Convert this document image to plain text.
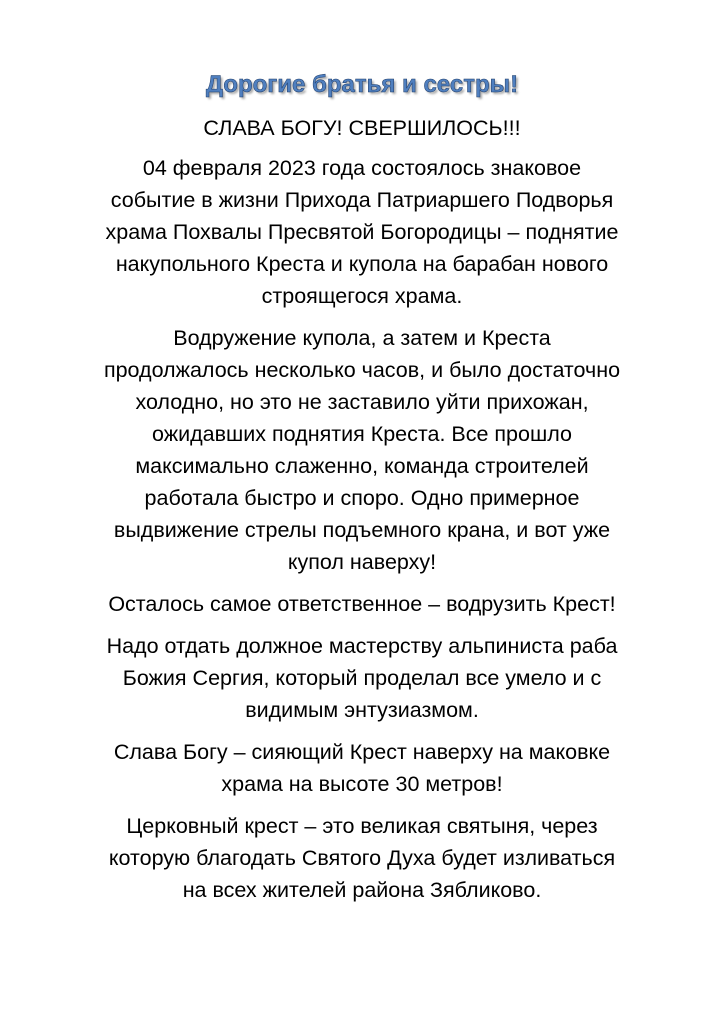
Дорогие братья и сестры!

СЛАВА БОГУ! СВЕРШИЛОСЬ!!!

04 февраля 2023 года состоялось знаковое
событие в жизни Прихода Патриаршего Подворья
храма Похвалы Пресвятой Богородицы – поднятие
накупольного Креста и купола на барабан нового
строящегося храма.

Водружение купола, а затем и Креста
продолжалось несколько часов, и было достаточно
холодно, но это не заставило уйти прихожан,
ожидавших поднятия Креста. Все прошло
максимально слаженно, команда строителей
работала быстро и споро. Одно примерное
выдвижение стрелы подъемного крана, и вот уже
купол наверху!

Осталось самое ответственное – водрузить Крест!

Надо отдать должное мастерству альпиниста раба
Божия Сергия, который проделал все умело и с
видимым энтузиазмом.

Слава Богу – сияющий Крест наверху на маковке
храма на высоте 30 метров!

Церковный крест – это великая святыня, через
которую благодать Святого Духа будет изливаться
на всех жителей района Зябликово.
